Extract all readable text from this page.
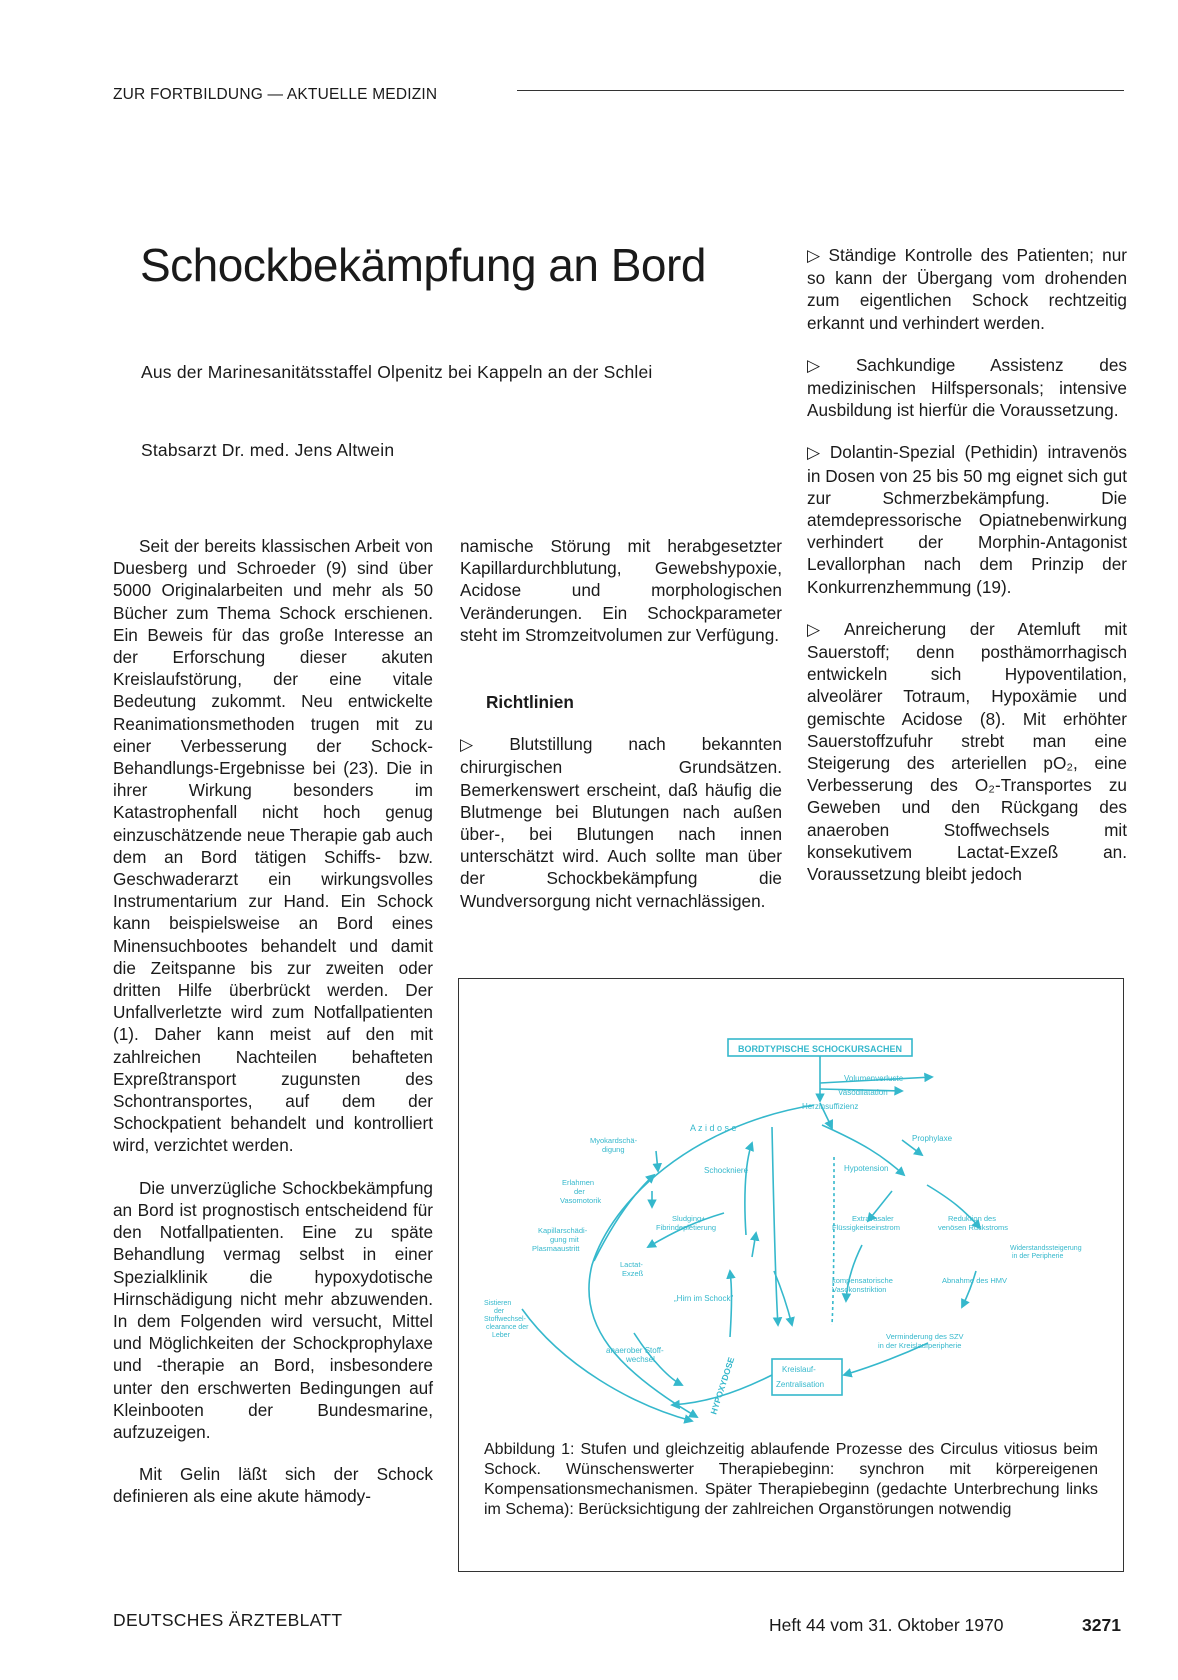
ZUR FORTBILDUNG — AKTUELLE MEDIZIN
Schockbekämpfung an Bord
Aus der Marinesanitätsstaffel Olpenitz bei Kappeln an der Schlei
Stabsarzt Dr. med. Jens Altwein

Seit der bereits klassischen Arbeit von Duesberg und Schroeder (9) sind über 5000 Originalarbeiten und mehr als 50 Bücher zum Thema Schock erschienen. Ein Beweis für das große Interesse an der Erforschung dieser akuten Kreislaufstörung, der eine vitale Bedeutung zukommt. Neu entwickelte Reanimationsmethoden trugen mit zu einer Verbesserung der Schock-Behandlungs-Ergebnisse bei (23). Die in ihrer Wirkung besonders im Katastrophenfall nicht hoch genug einzuschätzende neue Therapie gab auch dem an Bord tätigen Schiffs- bzw. Geschwaderarzt ein wirkungsvolles Instrumentarium zur Hand. Ein Schock kann beispielsweise an Bord eines Minensuchbootes behandelt und damit die Zeitspanne bis zur zweiten oder dritten Hilfe überbrückt werden. Der Unfallverletzte wird zum Notfallpatienten (1). Daher kann meist auf den mit zahlreichen Nachteilen behafteten Expreßtransport zugunsten des Schontransportes, auf dem der Schockpatient behandelt und kontrolliert wird, verzichtet werden.

Die unverzügliche Schockbekämpfung an Bord ist prognostisch entscheidend für den Notfallpatienten. Eine zu späte Behandlung vermag selbst in einer Spezialklinik die hypoxydotische Hirnschädigung nicht mehr abzuwenden. In dem Folgenden wird versucht, Mittel und Möglichkeiten der Schockprophylaxe und -therapie an Bord, insbesondere unter den erschwerten Bedingungen auf Kleinbooten der Bundesmarine, aufzuzeigen.

Mit Gelin läßt sich der Schock definieren als eine akute hämody-

namische Störung mit herabgesetzter Kapillardurchblutung, Gewebshypoxie, Acidose und morphologischen Veränderungen. Ein Schockparameter steht im Stromzeitvolumen zur Verfügung.

Richtlinien

▷ Blutstillung nach bekannten chirurgischen Grundsätzen. Bemerkenswert erscheint, daß häufig die Blutmenge bei Blutungen nach außen über-, bei Blutungen nach innen unterschätzt wird. Auch sollte man über der Schockbekämpfung die Wundversorgung nicht vernachlässigen.

▷ Ständige Kontrolle des Patienten; nur so kann der Übergang vom drohenden zum eigentlichen Schock rechtzeitig erkannt und verhindert werden.

▷ Sachkundige Assistenz des medizinischen Hilfspersonals; intensive Ausbildung ist hierfür die Voraussetzung.

▷ Dolantin-Spezial (Pethidin) intravenös in Dosen von 25 bis 50 mg eignet sich gut zur Schmerzbekämpfung. Die atemdepressorische Opiatnebenwirkung verhindert der Morphin-Antagonist Levallorphan nach dem Prinzip der Konkurrenzhemmung (19).

▷ Anreicherung der Atemluft mit Sauerstoff; denn posthämorrhagisch entwickeln sich Hypoventilation, alveolärer Totraum, Hypoxämie und gemischte Acidose (8). Mit erhöhter Sauerstoffzufuhr strebt man eine Steigerung des arteriellen pO₂, eine Verbesserung des O₂-Transportes zu Geweben und den Rückgang des anaeroben Stoffwechsels mit konsekutivem Lactat-Exzeß an. Voraussetzung bleibt jedoch

BORDTYPISCHE SCHOCKURSACHEN
Volumenverluste
Vasodilatation
Herzinsuffizienz
Prophylaxe
Hypotension
A z i d o s e
Schockniere
Myokardschä-
digung
Erlahmen
der
Vasomotorik
Sludging+
Fibrindepletierung
Kapillarschädi-
gung mit
Plasmaaustritt
Lactat-
Exzeß
„Hirn im Schock"
Sistieren
der
Stoffwechsel-
clearance der
Leber
anaerober Stoff-
wechsel	HYPOXYDOSE	Kreislauf-
Zentralisation
Extravasaler
Flüssigkeitseinstrom
Reduktion des
venösen Rückstroms
Widerstandssteigerung
in der Peripherie
kompensatorische
Vasokonstriktion
Abnahme des HMV
Verminderung des SZV
in der Kreislaufperipherie
Abbildung 1: Stufen und gleichzeitig ablaufende Prozesse des Circulus vitiosus beim Schock. Wünschenswerter Therapiebeginn: synchron mit körpereigenen Kompensationsmechanismen. Später Therapiebeginn (gedachte Unterbrechung links im Schema): Berücksichtigung der zahlreichen Organstörungen notwendig
DEUTSCHES ÄRZTEBLATT	Heft 44 vom 31. Oktober 1970	3271
